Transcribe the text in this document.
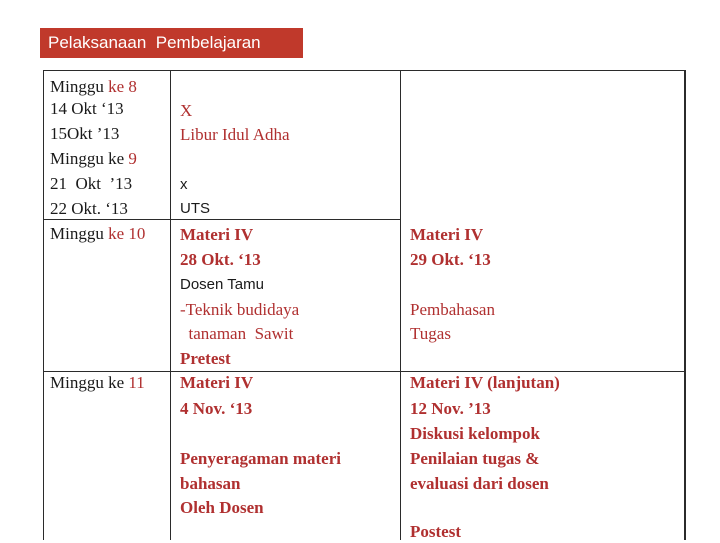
Pelaksanaan  Pembelajaran
Minggu ke 8
14 Okt ‘13
15Okt ’13
Minggu ke 9
21  Okt  ’13
22 Okt. ‘13
Minggu ke 10
Minggu ke 11
X
Libur Idul Adha
x
UTS
Materi IV
28 Okt. ‘13
Dosen Tamu
-Teknik budidaya
tanaman  Sawit
Pretest
Materi IV
4 Nov. ‘13
Penyeragaman materi
bahasan
Oleh Dosen
Materi IV
29 Okt. ‘13
Pembahasan
Tugas
Materi IV (lanjutan)
12 Nov. ’13
Diskusi kelompok
Penilaian tugas &
evaluasi dari dosen
Postest
